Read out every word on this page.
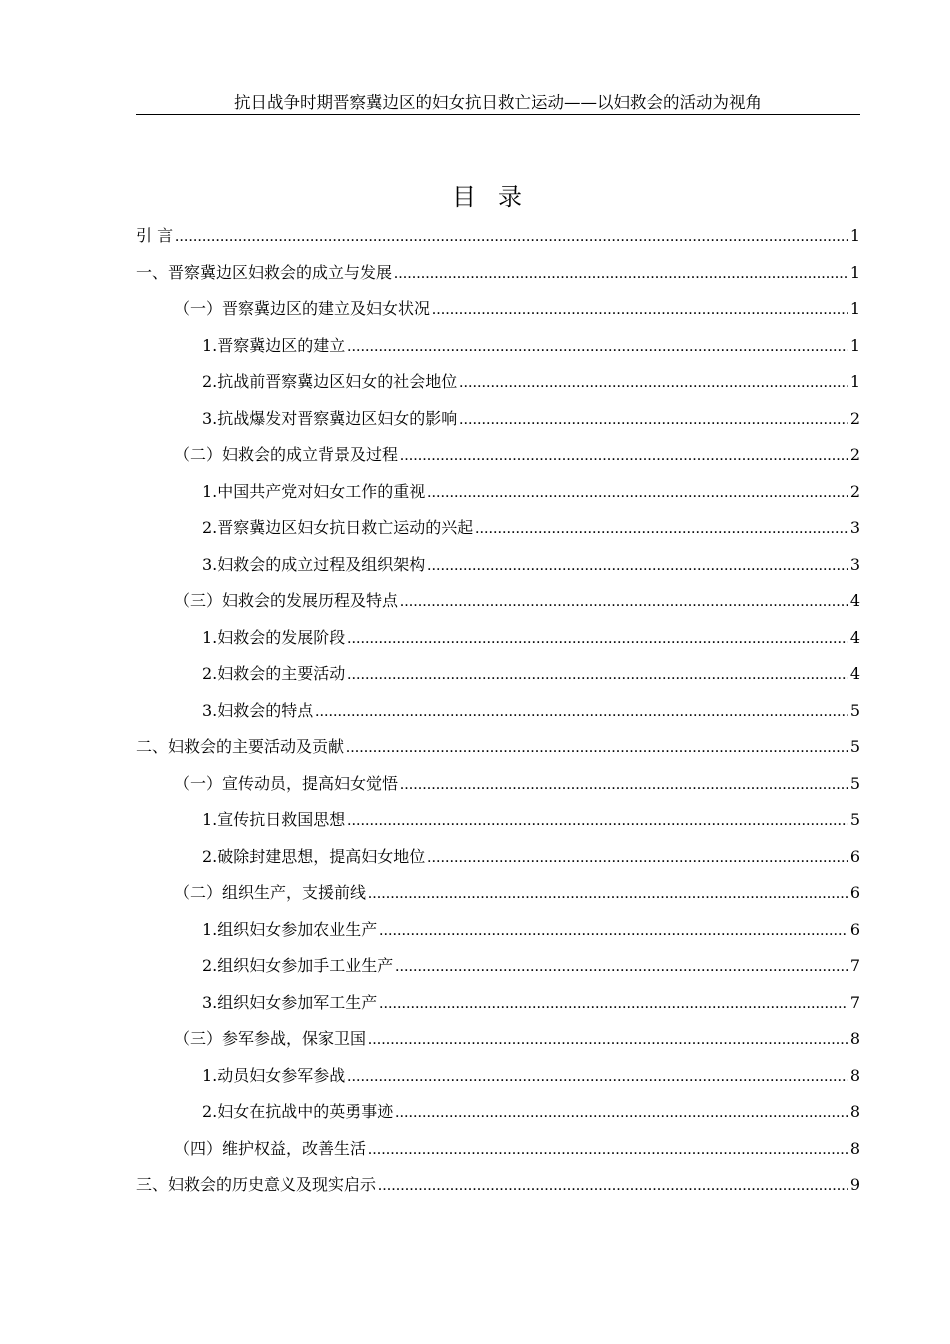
抗日战争时期晋察冀边区的妇女抗日救亡运动——以妇救会的活动为视角
目录
引 言 .....	1
一、晋察冀边区妇救会的成立与发展 .....	1
（一）晋察冀边区的建立及妇女状况 .....	1
1.晋察冀边区的建立 .....	1
2.抗战前晋察冀边区妇女的社会地位 .....	1
3.抗战爆发对晋察冀边区妇女的影响 .....	2
（二）妇救会的成立背景及过程 .....	2
1.中国共产党对妇女工作的重视 .....	2
2.晋察冀边区妇女抗日救亡运动的兴起 .....	3
3.妇救会的成立过程及组织架构 .....	3
（三）妇救会的发展历程及特点 .....	4
1.妇救会的发展阶段 .....	4
2.妇救会的主要活动 .....	4
3.妇救会的特点 .....	5
二、妇救会的主要活动及贡献 .....	5
（一）宣传动员，提高妇女觉悟 .....	5
1.宣传抗日救国思想 .....	5
2.破除封建思想，提高妇女地位 .....	6
（二）组织生产，支援前线 .....	6
1.组织妇女参加农业生产 .....	6
2.组织妇女参加手工业生产 .....	7
3.组织妇女参加军工生产 .....	7
（三）参军参战，保家卫国 .....	8
1.动员妇女参军参战 .....	8
2.妇女在抗战中的英勇事迹 .....	8
（四）维护权益，改善生活 .....	8
三、妇救会的历史意义及现实启示 .....	9
